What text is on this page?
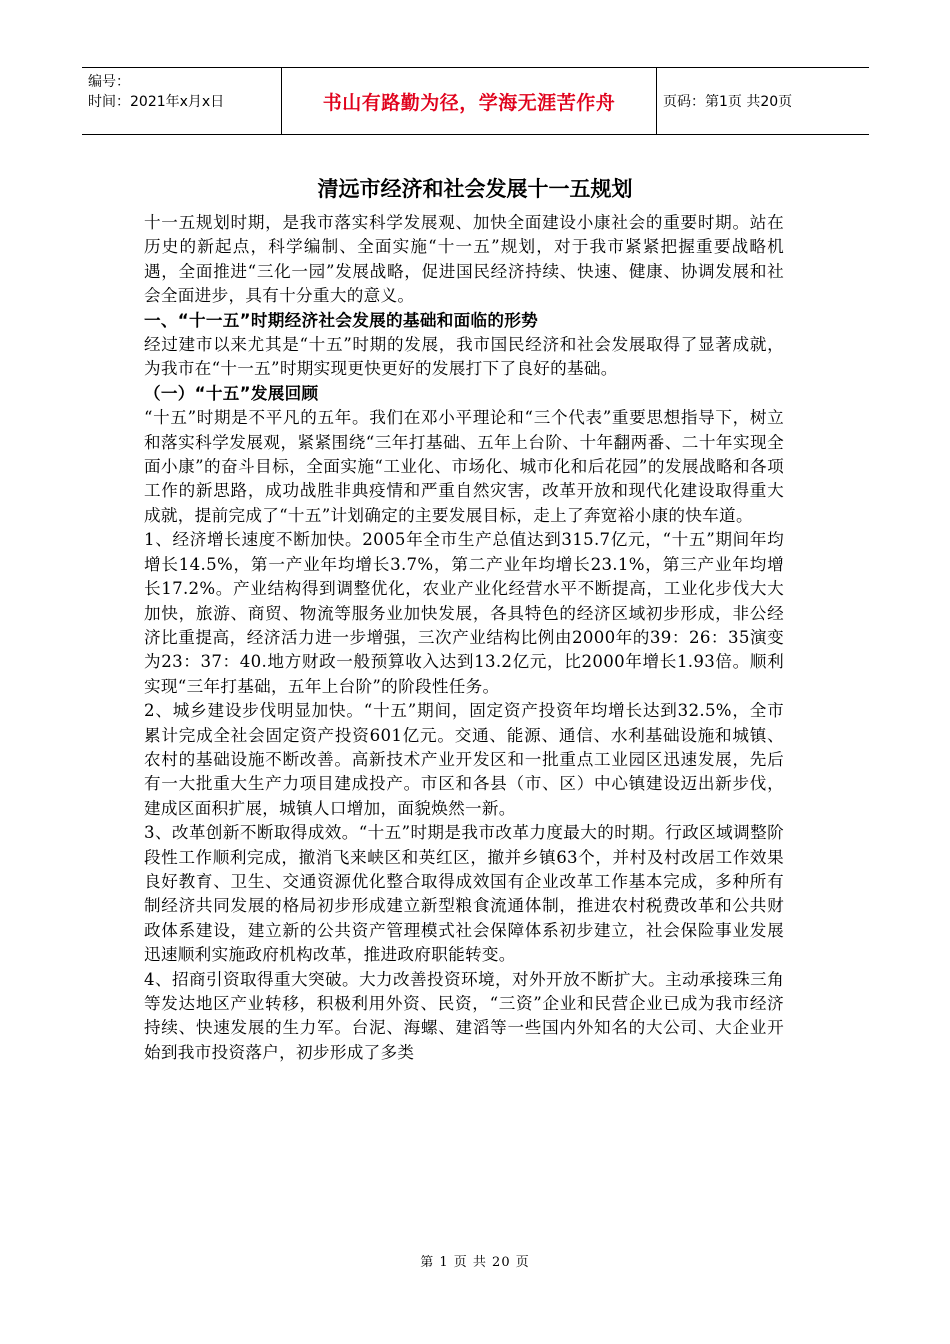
编号：
时间：2021年x月x日	书山有路勤为径，学海无涯苦作舟	页码：第1页 共20页
清远市经济和社会发展十一五规划

十一五规划时期，是我市落实科学发展观、加快全面建设小康社会的重要时期。站在历史的新起点，科学编制、全面实施“十一五”规划，对于我市紧紧把握重要战略机遇，全面推进“三化一园”发展战略，促进国民经济持续、快速、健康、协调发展和社会全面进步，具有十分重大的意义。

一、“十一五”时期经济社会发展的基础和面临的形势

经过建市以来尤其是“十五”时期的发展，我市国民经济和社会发展取得了显著成就，为我市在“十一五”时期实现更快更好的发展打下了良好的基础。

（一）“十五”发展回顾

“十五”时期是不平凡的五年。我们在邓小平理论和“三个代表”重要思想指导下，树立和落实科学发展观，紧紧围绕“三年打基础、五年上台阶、十年翻两番、二十年实现全面小康”的奋斗目标，全面实施“工业化、市场化、城市化和后花园”的发展战略和各项工作的新思路，成功战胜非典疫情和严重自然灾害，改革开放和现代化建设取得重大成就，提前完成了“十五”计划确定的主要发展目标，走上了奔宽裕小康的快车道。

1、经济增长速度不断加快。2005年全市生产总值达到315.7亿元，“十五”期间年均增长14.5%，第一产业年均增长3.7%，第二产业年均增长23.1%，第三产业年均增长17.2%。产业结构得到调整优化，农业产业化经营水平不断提高，工业化步伐大大加快，旅游、商贸、物流等服务业加快发展，各具特色的经济区域初步形成，非公经济比重提高，经济活力进一步增强，三次产业结构比例由2000年的39：26：35演变为23：37：40.地方财政一般预算收入达到13.2亿元，比2000年增长1.93倍。顺利实现“三年打基础，五年上台阶”的阶段性任务。

2、城乡建设步伐明显加快。“十五”期间，固定资产投资年均增长达到32.5%，全市累计完成全社会固定资产投资601亿元。交通、能源、通信、水利基础设施和城镇、农村的基础设施不断改善。高新技术产业开发区和一批重点工业园区迅速发展，先后有一大批重大生产力项目建成投产。市区和各县（市、区）中心镇建设迈出新步伐，建成区面积扩展，城镇人口增加，面貌焕然一新。

3、改革创新不断取得成效。“十五”时期是我市改革力度最大的时期。行政区域调整阶段性工作顺利完成，撤消飞来峡区和英红区，撤并乡镇63个，并村及村改居工作效果良好教育、卫生、交通资源优化整合取得成效国有企业改革工作基本完成，多种所有制经济共同发展的格局初步形成建立新型粮食流通体制，推进农村税费改革和公共财政体系建设，建立新的公共资产管理模式社会保障体系初步建立，社会保险事业发展迅速顺利实施政府机构改革，推进政府职能转变。

4、招商引资取得重大突破。大力改善投资环境，对外开放不断扩大。主动承接珠三角等发达地区产业转移，积极利用外资、民资，“三资”企业和民营企业已成为我市经济持续、快速发展的生力军。台泥、海螺、建滔等一些国内外知名的大公司、大企业开始到我市投资落户，初步形成了多类

第 1 页 共 20 页
